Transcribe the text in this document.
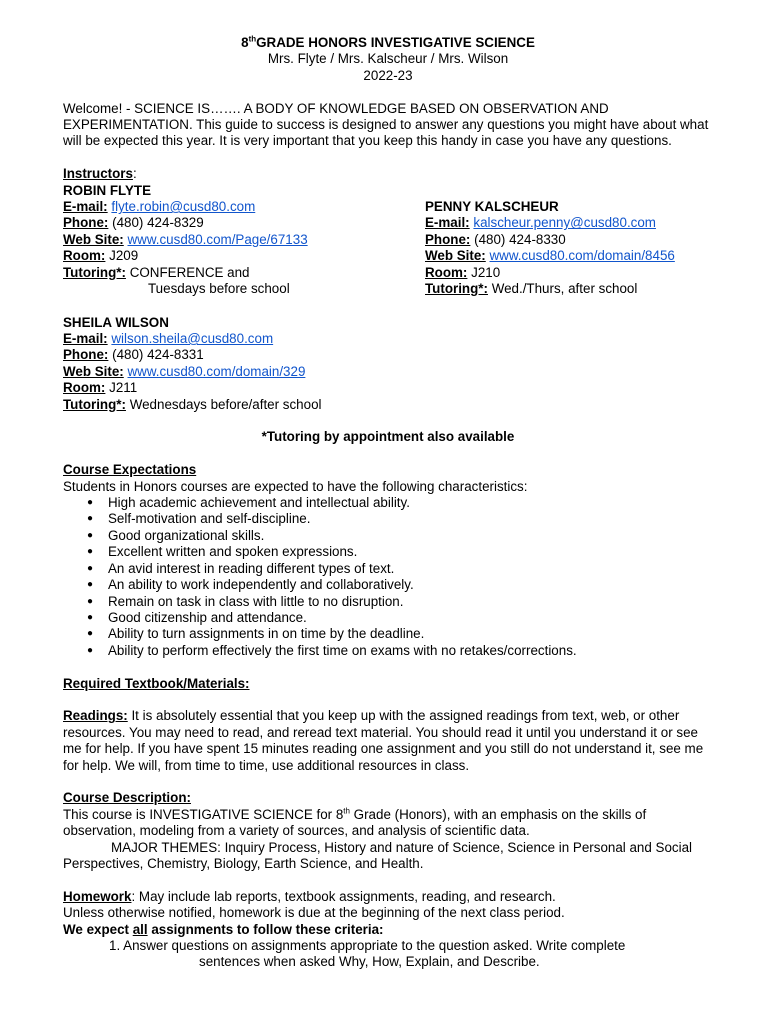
8thGRADE HONORS INVESTIGATIVE SCIENCE

Mrs. Flyte / Mrs. Kalscheur / Mrs. Wilson

2022-23

Welcome! - SCIENCE IS……. A BODY OF KNOWLEDGE BASED ON OBSERVATION AND EXPERIMENTATION. This guide to success is designed to answer any questions you might have about what will be expected this year. It is very important that you keep this handy in case you have any questions.

Instructors:

ROBIN FLYTE

E-mail: flyte.robin@cusd80.com

Phone: (480) 424-8329

Web Site: www.cusd80.com/Page/67133

Room: J209

Tutoring*: CONFERENCE and

Tuesdays before school

PENNY KALSCHEUR

E-mail: kalscheur.penny@cusd80.com

Phone: (480) 424-8330

Web Site: www.cusd80.com/domain/8456

Room: J210

Tutoring*: Wed./Thurs, after school

SHEILA WILSON

E-mail: wilson.sheila@cusd80.com

Phone: (480) 424-8331

Web Site: www.cusd80.com/domain/329

Room: J211

Tutoring*: Wednesdays before/after school

*Tutoring by appointment also available

Course Expectations

Students in Honors courses are expected to have the following characteristics:

● High academic achievement and intellectual ability.
● Self-motivation and self-discipline.
● Good organizational skills.
● Excellent written and spoken expressions.
● An avid interest in reading different types of text.
● An ability to work independently and collaboratively.
● Remain on task in class with little to no disruption.
● Good citizenship and attendance.
● Ability to turn assignments in on time by the deadline.
● Ability to perform effectively the first time on exams with no retakes/corrections.

Required Textbook/Materials:

Readings: It is absolutely essential that you keep up with the assigned readings from text, web, or other resources. You may need to read, and reread text material. You should read it until you understand it or see me for help. If you have spent 15 minutes reading one assignment and you still do not understand it, see me for help. We will, from time to time, use additional resources in class.

Course Description:

This course is INVESTIGATIVE SCIENCE for 8th Grade (Honors), with an emphasis on the skills of observation, modeling from a variety of sources, and analysis of scientific data.

MAJOR THEMES: Inquiry Process, History and nature of Science, Science in Personal and Social Perspectives, Chemistry, Biology, Earth Science, and Health.

Homework: May include lab reports, textbook assignments, reading, and research.

Unless otherwise notified, homework is due at the beginning of the next class period.

We expect all assignments to follow these criteria:

1. Answer questions on assignments appropriate to the question asked. Write complete
sentences when asked Why, How, Explain, and Describe.
